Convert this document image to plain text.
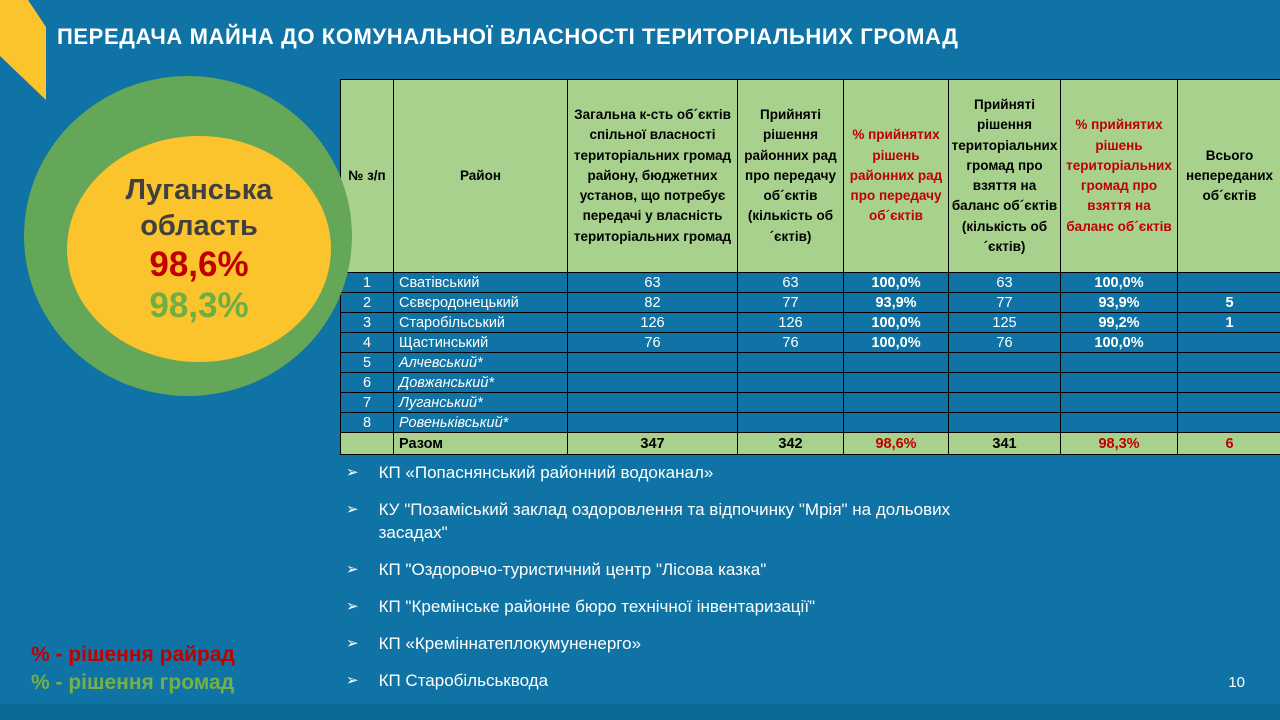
ПЕРЕДАЧА МАЙНА ДО КОМУНАЛЬНОЇ ВЛАСНОСТІ ТЕРИТОРІАЛЬНИХ ГРОМАД
Луганська область
98,6%
98,3%
№ з/п	Район	Загальна к-сть об´єктів спільної власності територіальних громад району, бюджетних установ, що потребує передачі у власність територіальних громад	Прийняті рішення районних рад про передачу об´єктів (кількість об´єктів)	% прийнятих рішень районних рад про передачу об´єктів	Прийняті рішення територіальних громад про взяття на баланс об´єктів (кількість об´єктів)	% прийнятих рішень територіальних громад про взяття на баланс об´єктів	Всього непереданих об´єктів
1	Сватівський	63	63	100,0%	63	100,0%	
2	Сєвєродонецький	82	77	93,9%	77	93,9%	5
3	Старобільський	126	126	100,0%	125	99,2%	1
4	Щастинський	76	76	100,0%	76	100,0%	
5	Алчевський*						
6	Довжанський*						
7	Луганський*						
8	Ровеньківський*						
	Разом	347	342	98,6%	341	98,3%	6
➢ КП «Попаснянський районний водоканал»
➢ КУ "Позаміський заклад оздоровлення та відпочинку "Мрія" на дольових засадах"
➢ КП "Оздоровчо-туристичний центр "Лісова казка"
➢ КП "Кремінське районне бюро технічної інвентаризації"
➢ КП «Креміннатеплокумуненерго»
➢ КП Старобільськвода
% - рішення райрад
% - рішення громад	10
